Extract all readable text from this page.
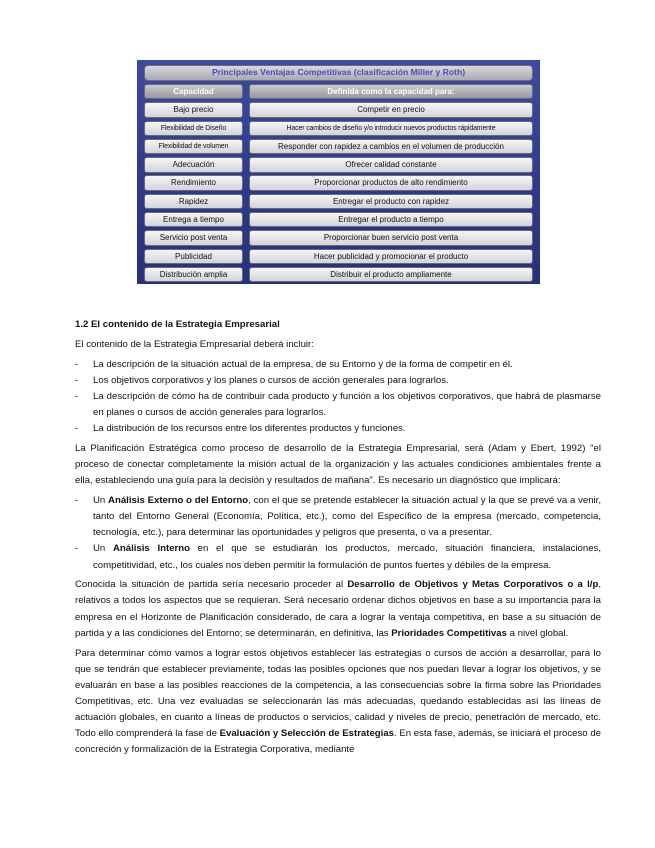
Principales Ventajas Competitivas (clasificación Miller y Roth)
Capacidad	Definida como la capacidad para:
Bajo precio	Competir en precio
Flexibilidad de Diseño	Hacer cambios de diseño y/o introducir nuevos productos rápidamente
Flexibilidad de volumen	Responder con rapidez a cambios en el volumen de producción
Adecuación	Ofrecer calidad constante
Rendimiento	Proporcionar productos de alto rendimiento
Rapidez	Entregar el producto con rapidez
Entrega a tiempo	Entregar el producto a tiempo
Servicio post venta	Proporcionar buen servicio post venta
Publicidad	Hacer publicidad y promocionar el producto
Distribución amplia	Distribuir el producto ampliamente

1.2 El contenido de la Estrategia Empresarial

El contenido de la Estrategia Empresarial deberá incluir:

- La descripción de la situación actual de la empresa, de su Entorno y de la forma de competir en él.
- Los objetivos corporativos y los planes o cursos de acción generales para lograrlos.
- La descripción de cómo ha de contribuir cada producto y función a los objetivos corporativos, que habrá de plasmarse en planes o cursos de acción generales para lograrlos.
- La distribución de los recursos entre los diferentes productos y funciones.

La Planificación Estratégica como proceso de desarrollo de la Estrategia Empresarial, será (Adam y Ebert, 1992) "el proceso de conectar completamente la misión actual de la organización y las actuales condiciones ambientales frente a ella, estableciendo una guía para la decisión y resultados de mañana". Es necesario un diagnóstico que implicará:

- Un Análisis Externo o del Entorno, con el que se pretende establecer la situación actual y la que se prevé va a venir, tanto del Entorno General (Economía, Política, etc.), como del Específico de la empresa (mercado, competencia, tecnología, etc.), para determinar las oportunidades y peligros que presenta, o va a presentar.
- Un Análisis Interno en el que se estudiarán los productos, mercado, situación financiera, instalaciones, competitividad, etc., los cuales nos deben permitir la formulación de puntos fuertes y débiles de la empresa.

Conocida la situación de partida sería necesario proceder al Desarrollo de Objetivos y Metas Corporativos o a l/p, relativos a todos los aspectos que se requieran. Será necesario ordenar dichos objetivos en base a su importancia para la empresa en el Horizonte de Planificación considerado, de cara a lograr la ventaja competitiva, en base a su situación de partida y a las condiciones del Entorno; se determinarán, en definitiva, las Prioridades Competitivas a nivel global.

Para determinar cómo vamos a lograr estos objetivos establecer las estrategias o cursos de acción a desarrollar, para lo que se tendrán que establecer previamente, todas las posibles opciones que nos puedan llevar a lograr los objetivos, y se evaluarán en base a las posibles reacciones de la competencia, a las consecuencias sobre la firma sobre las Prioridades Competitivas, etc. Una vez evaluadas se seleccionarán las más adecuadas, quedando establecidas así las líneas de actuación globales, en cuanto a líneas de productos o servicios, calidad y niveles de precio, penetración de mercado, etc. Todo ello comprenderá la fase de Evaluación y Selección de Estrategias. En esta fase, además, se iniciará el proceso de concreción y formalización de la Estrategia Corporativa, mediante
